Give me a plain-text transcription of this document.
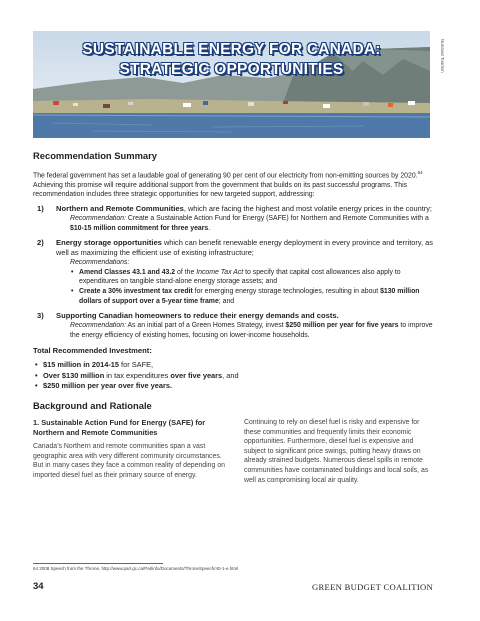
SUSTAINABLE ENERGY FOR CANADA:
STRATEGIC OPPORTUNITIES	Nunavut Tourism
Recommendation Summary

The federal government has set a laudable goal of generating 90 per cent of our electricity from non-emitting sources by 2020.64 Achieving this promise will require additional support from the government that builds on its past successful programs. This recommendation includes three strategic opportunities for new targeted support, addressing:

1) Northern and Remote Communities, which are facing the highest and most volatile energy prices in the country;
Recommendation: Create a Sustainable Action Fund for Energy (SAFE) for Northern and Remote Communities with a $10-15 million commitment for three years.
2) Energy storage opportunities which can benefit renewable energy deployment in every province and territory, as well as maximizing the efficient use of existing infrastructure;
Recommendations:
• Amend Classes 43.1 and 43.2 of the Income Tax Act to specify that capital cost allowances also apply to expenditures on tangible stand-alone energy storage assets; and
• Create a 30% investment tax credit for emerging energy storage technologies, resulting in about $130 million dollars of support over a 5-year time frame; and
3) Supporting Canadian homeowners to reduce their energy demands and costs.
Recommendation: As an initial part of a Green Homes Strategy, invest $250 million per year for five years to improve the energy efficiency of existing homes, focusing on lower-income households.
Total Recommended Investment:
• $15 million in 2014-15 for SAFE,
• Over $130 million in tax expenditures over five years, and
• $250 million per year over five years.
Background and Rationale
1. Sustainable Action Fund for Energy (SAFE) for Northern and Remote Communities

Canada’s Northern and remote communities span a vast geographic area with very different community circumstances. But in many cases they face a common reality of depending on imported diesel fuel as their primary source of energy.

Continuing to rely on diesel fuel is risky and expensive for these communities and frequently limits their economic opportunities. Furthermore, diesel fuel is expensive and subject to significant price swings, putting heavy draws on already strained budgets. Numerous diesel spills in remote communities have contaminated buildings and local soils, as well as compromising local air quality.

64 2008 Speech from the Throne, http://www.parl.gc.ca/Parlinfo/Documents/ThroneSpeech/40-1-e.html
34	GREEN BUDGET COALITION
